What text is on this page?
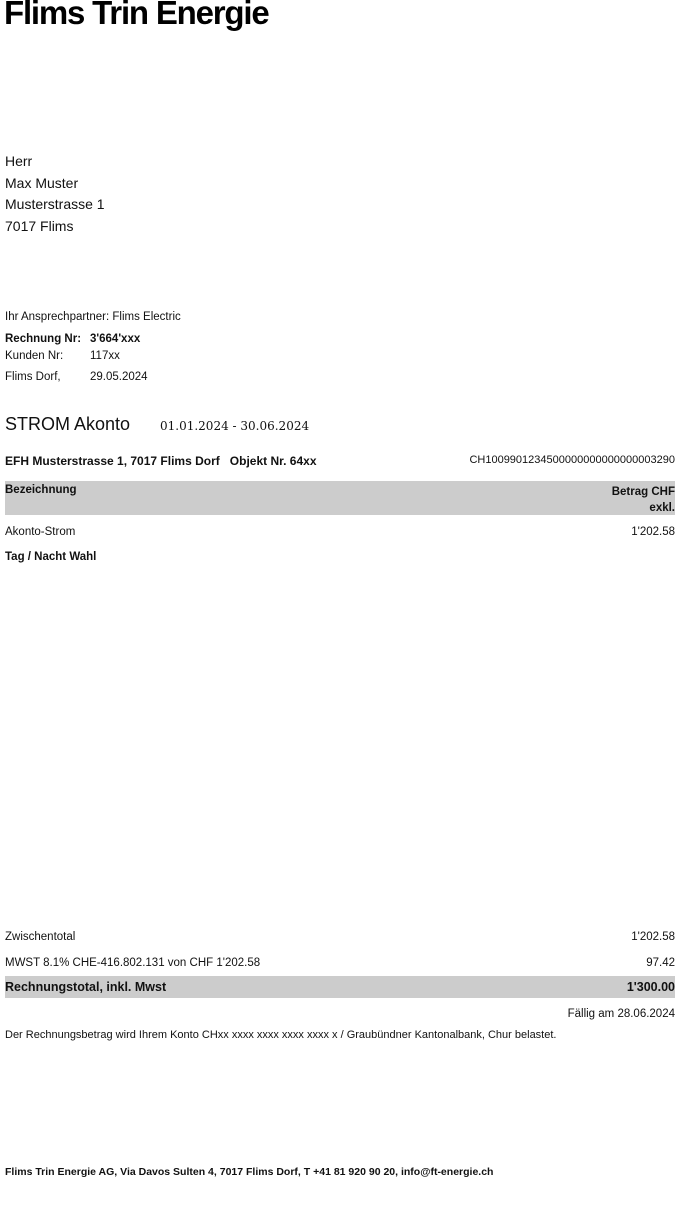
Flims Trin Energie
Herr
Max Muster
Musterstrasse 1
7017 Flims
Ihr Ansprechpartner: Flims Electric
Rechnung Nr: 3'664'xxx
Kunden Nr: 117xx
Flims Dorf,	29.05.2024
STROM Akonto 01.01.2024 - 30.06.2024
EFH Musterstrasse 1, 7017 Flims Dorf Objekt Nr. 64xx	CH1009901234500000000000000003290
Bezeichnung	Betrag CHF
exkl.
Akonto-Strom	1'202.58
Tag / Nacht Wahl
Zwischentotal	1'202.58
MWST 8.1% CHE-416.802.131 von CHF 1'202.58	97.42
Rechnungstotal, inkl. Mwst	1'300.00
Fällig am 28.06.2024
Der Rechnungsbetrag wird Ihrem Konto CHxx xxxx xxxx xxxx xxxx x / Graubündner Kantonalbank, Chur belastet.
Flims Trin Energie AG, Via Davos Sulten 4, 7017 Flims Dorf, T +41 81 920 90 20, info@ft-energie.ch
